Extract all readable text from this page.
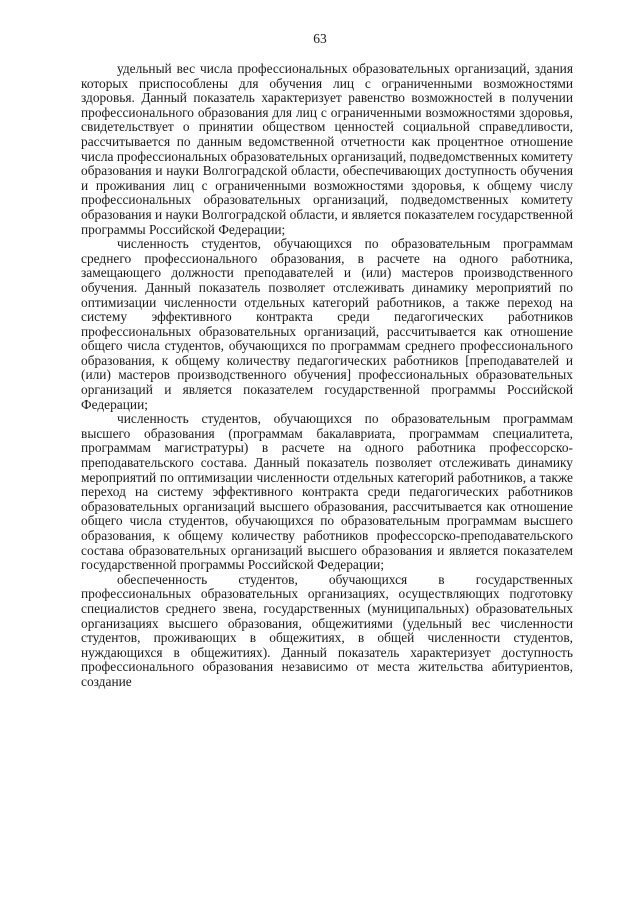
63

удельный вес числа профессиональных образовательных организаций, здания которых приспособлены для обучения лиц с ограниченными возможностями здоровья. Данный показатель характеризует равенство возможностей в получении профессионального образования для лиц с ограниченными возможностями здоровья, свидетельствует о принятии обществом ценностей социальной справедливости, рассчитывается по данным ведомственной отчетности как процентное отношение числа профессиональных образовательных организаций, подведомственных комитету образования и науки Волгоградской области, обеспечивающих доступность обучения и проживания лиц с ограниченными возможностями здоровья, к общему числу профессиональных образовательных организаций, подведомственных комитету образования и науки Волгоградской области, и является показателем государственной программы Российской Федерации;

численность студентов, обучающихся по образовательным программам среднего профессионального образования, в расчете на одного работника, замещающего должности преподавателей и (или) мастеров производственного обучения. Данный показатель позволяет отслеживать динамику мероприятий по оптимизации численности отдельных категорий работников, а также переход на систему эффективного контракта среди педагогических работников профессиональных образовательных организаций, рассчитывается как отношение общего числа студентов, обучающихся по программам среднего профессионального образования, к общему количеству педагогических работников [преподавателей и (или) мастеров производственного обучения] профессиональных образовательных организаций и является показателем государственной программы Российской Федерации;

численность студентов, обучающихся по образовательным программам высшего образования (программам бакалавриата, программам специалитета, программам магистратуры) в расчете на одного работника профессорско-преподавательского состава. Данный показатель позволяет отслеживать динамику мероприятий по оптимизации численности отдельных категорий работников, а также переход на систему эффективного контракта среди педагогических работников образовательных организаций высшего образования, рассчитывается как отношение общего числа студентов, обучающихся по образовательным программам высшего образования, к общему количеству работников профессорско-преподавательского состава образовательных организаций высшего образования и является показателем государственной программы Российской Федерации;

обеспеченность студентов, обучающихся в государственных профессиональных образовательных организациях, осуществляющих подготовку специалистов среднего звена, государственных (муниципальных) образовательных организациях высшего образования, общежитиями (удельный вес численности студентов, проживающих в общежитиях, в общей численности студентов, нуждающихся в общежитиях). Данный показатель характеризует доступность профессионального образования независимо от места жительства абитуриентов, создание
